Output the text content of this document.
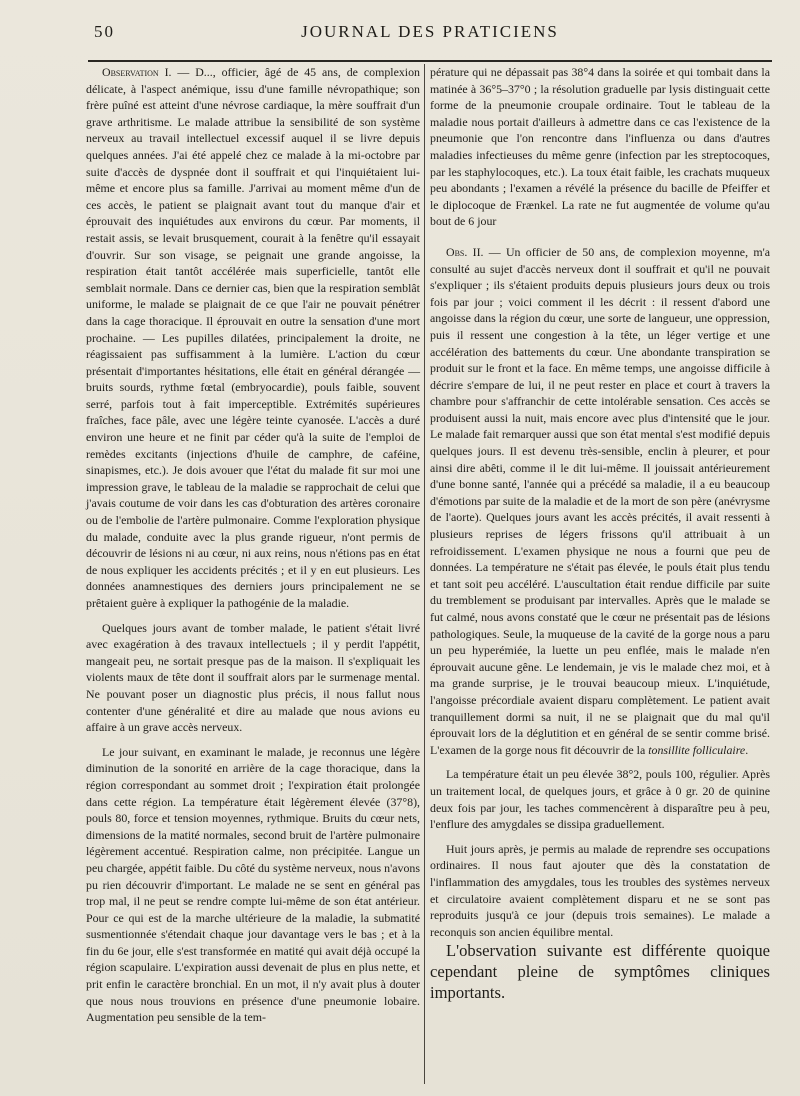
50	JOURNAL DES PRATICIENS

Observation I. — D..., officier, âgé de 45 ans, de complexion délicate, à l'aspect anémique, issu d'une famille névropathique; son frère puîné est atteint d'une névrose cardiaque, la mère souffrait d'un grave arthritisme. Le malade attribue la sensibilité de son système nerveux au travail intellectuel excessif auquel il se livre depuis quelques années. J'ai été appelé chez ce malade à la mi-octobre par suite d'accès de dyspnée dont il souffrait et qui l'inquiétaient lui-même et encore plus sa famille. J'arrivai au moment même d'un de ces accès, le patient se plaignait avant tout du manque d'air et éprouvait des inquiétudes aux environs du cœur. Par moments, il restait assis, se levait brusquement, courait à la fenêtre qu'il essayait d'ouvrir. Sur son visage, se peignait une grande angoisse, la respiration était tantôt accélérée mais superficielle, tantôt elle semblait normale. Dans ce dernier cas, bien que la respiration semblât uniforme, le malade se plaignait de ce que l'air ne pouvait pénétrer dans la cage thoracique. Il éprouvait en outre la sensation d'une mort prochaine. — Les pupilles dilatées, principalement la droite, ne réagissaient pas suffisamment à la lumière. L'action du cœur présentait d'importantes hésitations, elle était en général dérangée — bruits sourds, rythme fœtal (embryocardie), pouls faible, souvent serré, parfois tout à fait imperceptible. Extrémités supérieures fraîches, face pâle, avec une légère teinte cyanosée. L'accès a duré environ une heure et ne finit par céder qu'à la suite de l'emploi de remèdes excitants (injections d'huile de camphre, de caféine, sinapismes, etc.). Je dois avouer que l'état du malade fit sur moi une impression grave, le tableau de la maladie se rapprochait de celui que j'avais coutume de voir dans les cas d'obturation des artères coronaire ou de l'embolie de l'artère pulmonaire. Comme l'exploration physique du malade, conduite avec la plus grande rigueur, n'ont permis de découvrir de lésions ni au cœur, ni aux reins, nous n'étions pas en état de nous expliquer les accidents précités ; et il y en eut plusieurs. Les données anamnestiques des derniers jours principalement ne se prêtaient guère à expliquer la pathogénie de la maladie.

Quelques jours avant de tomber malade, le patient s'était livré avec exagération à des travaux intellectuels ; il y perdit l'appétit, mangeait peu, ne sortait presque pas de la maison. Il s'expliquait les violents maux de tête dont il souffrait alors par le surmenage mental. Ne pouvant poser un diagnostic plus précis, il nous fallut nous contenter d'une généralité et dire au malade que nous avions eu affaire à un grave accès nerveux.

Le jour suivant, en examinant le malade, je reconnus une légère diminution de la sonorité en arrière de la cage thoracique, dans la région correspondant au sommet droit ; l'expiration était prolongée dans cette région. La température était légèrement élevée (37°8), pouls 80, force et tension moyennes, rythmique. Bruits du cœur nets, dimensions de la matité normales, second bruit de l'artère pulmonaire légèrement accentué. Respiration calme, non précipitée. Langue un peu chargée, appétit faible. Du côté du système nerveux, nous n'avons pu rien découvrir d'important. Le malade ne se sent en général pas trop mal, il ne peut se rendre compte lui-même de son état antérieur. Pour ce qui est de la marche ultérieure de la maladie, la submatité susmentionnée s'étendait chaque jour davantage vers le bas ; et à la fin du 6e jour, elle s'est transformée en matité qui avait déjà occupé la région scapulaire. L'expiration aussi devenait de plus en plus nette, et prit enfin le caractère bronchial. En un mot, il n'y avait plus à douter que nous nous trouvions en présence d'une pneumonie lobaire. Augmentation peu sensible de la tem-

pérature qui ne dépassait pas 38°4 dans la soirée et qui tombait dans la matinée à 36°5–37°0 ; la résolution graduelle par lysis distinguait cette forme de la pneumonie croupale ordinaire. Tout le tableau de la maladie nous portait d'ailleurs à admettre dans ce cas l'existence de la pneumonie que l'on rencontre dans l'influenza ou dans d'autres maladies infectieuses du même genre (infection par les streptocoques, par les staphylocoques, etc.). La toux était faible, les crachats muqueux peu abondants ; l'examen a révélé la présence du bacille de Pfeiffer et le diplocoque de Frænkel. La rate ne fut augmentée de volume qu'au bout de 6 jour

Obs. II. — Un officier de 50 ans, de complexion moyenne, m'a consulté au sujet d'accès nerveux dont il souffrait et qu'il ne pouvait s'expliquer ; ils s'étaient produits depuis plusieurs jours deux ou trois fois par jour ; voici comment il les décrit : il ressent d'abord une angoisse dans la région du cœur, une sorte de langueur, une oppression, puis il ressent une congestion à la tête, un léger vertige et une accélération des battements du cœur. Une abondante transpiration se produit sur le front et la face. En même temps, une angoisse difficile à décrire s'empare de lui, il ne peut rester en place et court à travers la chambre pour s'affranchir de cette intolérable sensation. Ces accès se produisent aussi la nuit, mais encore avec plus d'intensité que le jour. Le malade fait remarquer aussi que son état mental s'est modifié depuis quelques jours. Il est devenu très-sensible, enclin à pleurer, et pour ainsi dire abêti, comme il le dit lui-même. Il jouissait antérieurement d'une bonne santé, l'année qui a précédé sa maladie, il a eu beaucoup d'émotions par suite de la maladie et de la mort de son père (anévrysme de l'aorte). Quelques jours avant les accès précités, il avait ressenti à plusieurs reprises de légers frissons qu'il attribuait à un refroidissement. L'examen physique ne nous a fourni que peu de données. La température ne s'était pas élevée, le pouls était plus tendu et tant soit peu accéléré. L'auscultation était rendue difficile par suite du tremblement se produisant par intervalles. Après que le malade se fut calmé, nous avons constaté que le cœur ne présentait pas de lésions pathologiques. Seule, la muqueuse de la cavité de la gorge nous a paru un peu hyperémiée, la luette un peu enflée, mais le malade n'en éprouvait aucune gêne. Le lendemain, je vis le malade chez moi, et à ma grande surprise, je le trouvai beaucoup mieux. L'inquiétude, l'angoisse précordiale avaient disparu complètement. Le patient avait tranquillement dormi sa nuit, il ne se plaignait que du mal qu'il éprouvait lors de la déglutition et en général de se sentir comme brisé. L'examen de la gorge nous fit découvrir de la tonsillite folliculaire.

La température était un peu élevée 38°2, pouls 100, régulier. Après un traitement local, de quelques jours, et grâce à 0 gr. 20 de quinine deux fois par jour, les taches commencèrent à disparaître peu à peu, l'enflure des amygdales se dissipa graduellement.

Huit jours après, je permis au malade de reprendre ses occupations ordinaires. Il nous faut ajouter que dès la constatation de l'inflammation des amygdales, tous les troubles des systèmes nerveux et circulatoire avaient complètement disparu et ne se sont pas reproduits jusqu'à ce jour (depuis trois semaines). Le malade a reconquis son ancien équilibre mental.

L'observation suivante est différente quoique cependant pleine de symptômes cliniques importants.
